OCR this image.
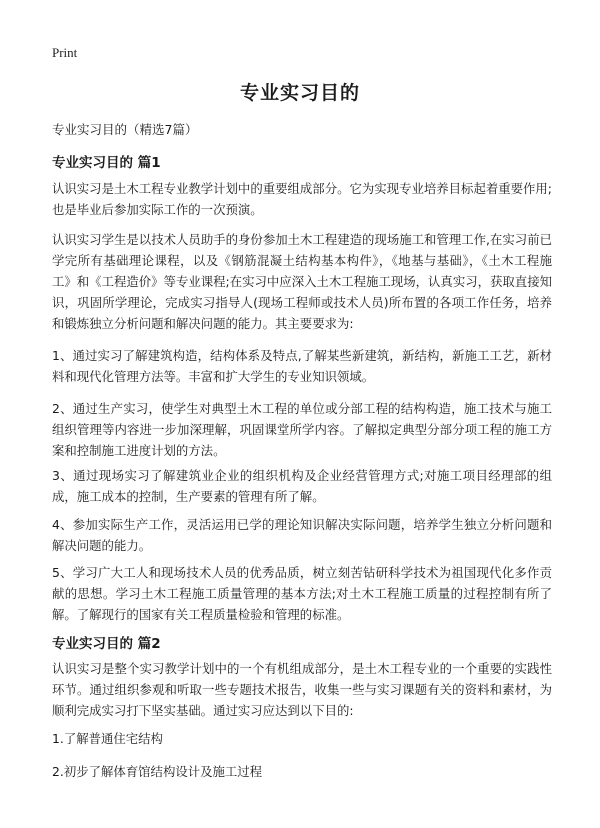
Print
专业实习目的
专业实习目的（精选7篇）
专业实习目的 篇1

认识实习是土木工程专业教学计划中的重要组成部分。它为实现专业培养目标起着重要作用;也是毕业后参加实际工作的一次预演。

认识实习学生是以技术人员助手的身份参加土木工程建造的现场施工和管理工作,在实习前已学完所有基础理论课程，以及《钢筋混凝土结构基本构件》，《地基与基础》，《土木工程施工》和《工程造价》等专业课程;在实习中应深入土木工程施工现场，认真实习，获取直接知识，巩固所学理论，完成实习指导人(现场工程师或技术人员)所布置的各项工作任务，培养和锻炼独立分析问题和解决问题的能力。其主要要求为:

1、通过实习了解建筑构造，结构体系及特点,了解某些新建筑，新结构，新施工工艺，新材料和现代化管理方法等。丰富和扩大学生的专业知识领域。

2、通过生产实习，使学生对典型土木工程的单位或分部工程的结构构造，施工技术与施工组织管理等内容进一步加深理解，巩固课堂所学内容。了解拟定典型分部分项工程的施工方案和控制施工进度计划的方法。

3、通过现场实习了解建筑业企业的组织机构及企业经营管理方式;对施工项目经理部的组成，施工成本的控制，生产要素的管理有所了解。

4、参加实际生产工作，灵活运用已学的理论知识解决实际问题，培养学生独立分析问题和解决问题的能力。

5、学习广大工人和现场技术人员的优秀品质，树立刻苦钻研科学技术为祖国现代化多作贡献的思想。学习土木工程施工质量管理的基本方法;对土木工程施工质量的过程控制有所了解。了解现行的国家有关工程质量检验和管理的标准。

专业实习目的 篇2

认识实习是整个实习教学计划中的一个有机组成部分，是土木工程专业的一个重要的实践性环节。通过组织参观和听取一些专题技术报告，收集一些与实习课题有关的资料和素材，为顺利完成实习打下坚实基础。通过实习应达到以下目的:

1.了解普通住宅结构

2.初步了解体育馆结构设计及施工过程
